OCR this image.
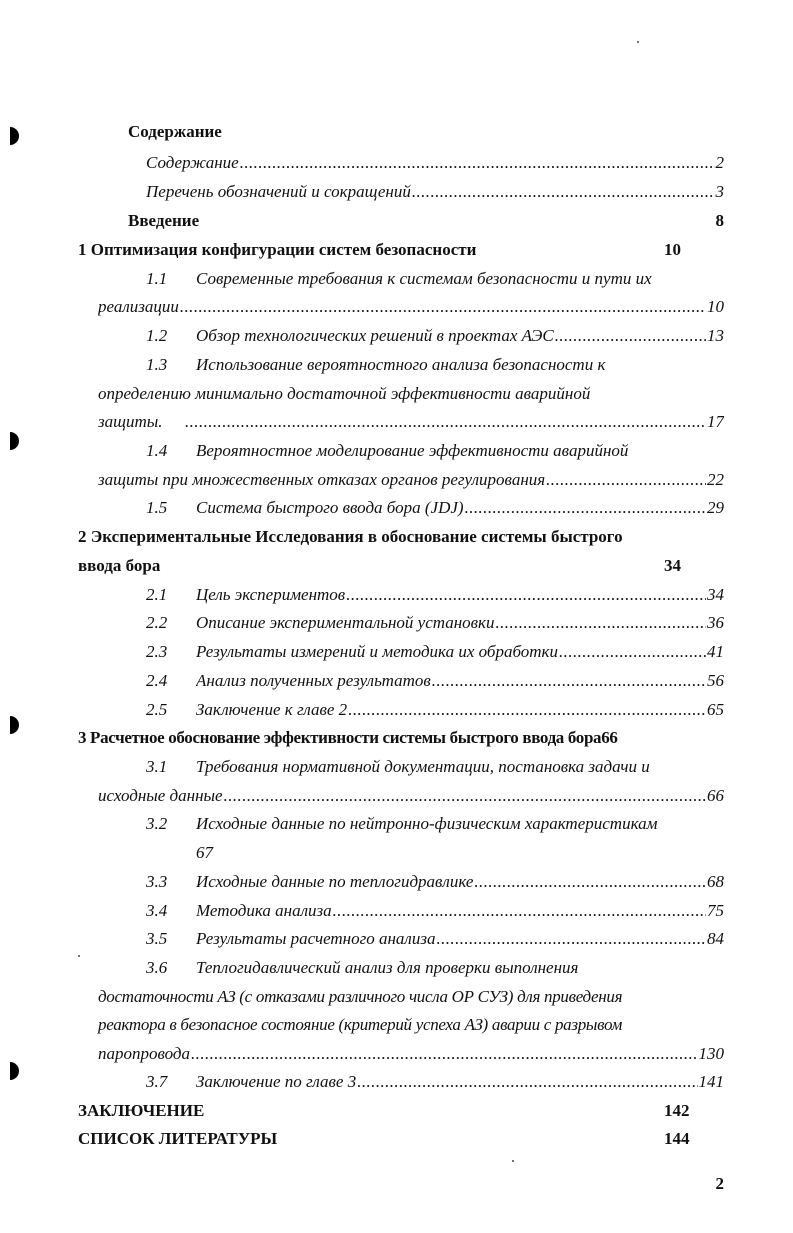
Содержание
Содержание .....	2
Перечень обозначений и сокращений .....	3
Введение	8
1 Оптимизация конфигурации систем безопасности	10
1.1 Современные требования к системам безопасности и пути их
реализации .....	10
1.2 Обзор технологических решений в проектах АЭС .....	13
1.3 Использование вероятностного анализа безопасности к
определению минимально достаточной эффективности аварийной
защиты. .....	17
1.4 Вероятностное моделирование эффективности аварийной
защиты при множественных отказах органов регулирования .....	22
1.5 Система быстрого ввода бора (JDJ) .....	29
2 Экспериментальные Исследования в обоснование системы быстрого
ввода бора	34
2.1 Цель экспериментов .....	34
2.2 Описание экспериментальной установки .....	36
2.3 Результаты измерений и методика их обработки .....	41
2.4 Анализ полученных результатов .....	56
2.5 Заключение к главе 2 .....	65
3 Расчетное обоснование эффективности системы быстрого ввода бора66
3.1 Требования нормативной документации, постановка задачи и
исходные данные .....	66
3.2 Исходные данные по нейтронно-физическим характеристикам
67
3.3 Исходные данные по теплогидравлике .....	68
3.4 Методика анализа .....	75
3.5 Результаты расчетного анализа .....	84
3.6 Теплогидавлический анализ для проверки выполнения
достаточности АЗ (с отказами различного числа ОР СУЗ) для приведения
реактора в безопасное состояние (критерий успеха АЗ) аварии с разрывом
паропровода .....	130
3.7 Заключение по главе 3 .....	141
ЗАКЛЮЧЕНИЕ	142
СПИСОК ЛИТЕРАТУРЫ	144
2
